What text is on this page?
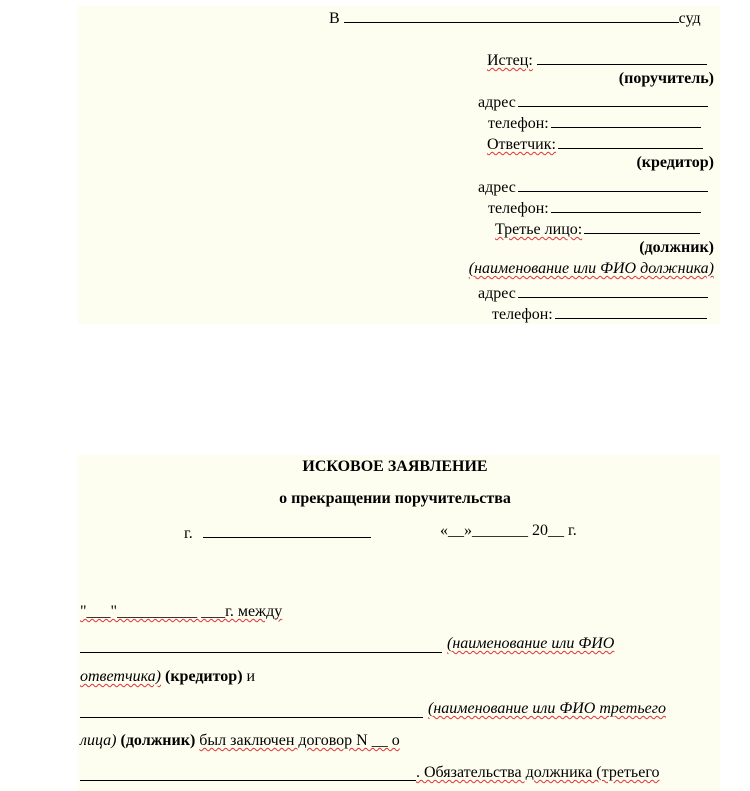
В	суд
Истец:
(поручитель)
адрес
телефон:
Ответчик:
(кредитор)
адрес
телефон:
Третье лицо:
(должник)
(наименование или ФИО должника)
адрес
телефон:
ИСКОВОЕ ЗАЯВЛЕНИЕ
о прекращении поручительства
г.	«__»_______ 20__ г.
"___"__________ ___г. между
(наименование или ФИО
ответчика) (кредитор) и
(наименование или ФИО третьего
лица) (должник) был заключен договор N __ о
. Обязательства должника (третьего
